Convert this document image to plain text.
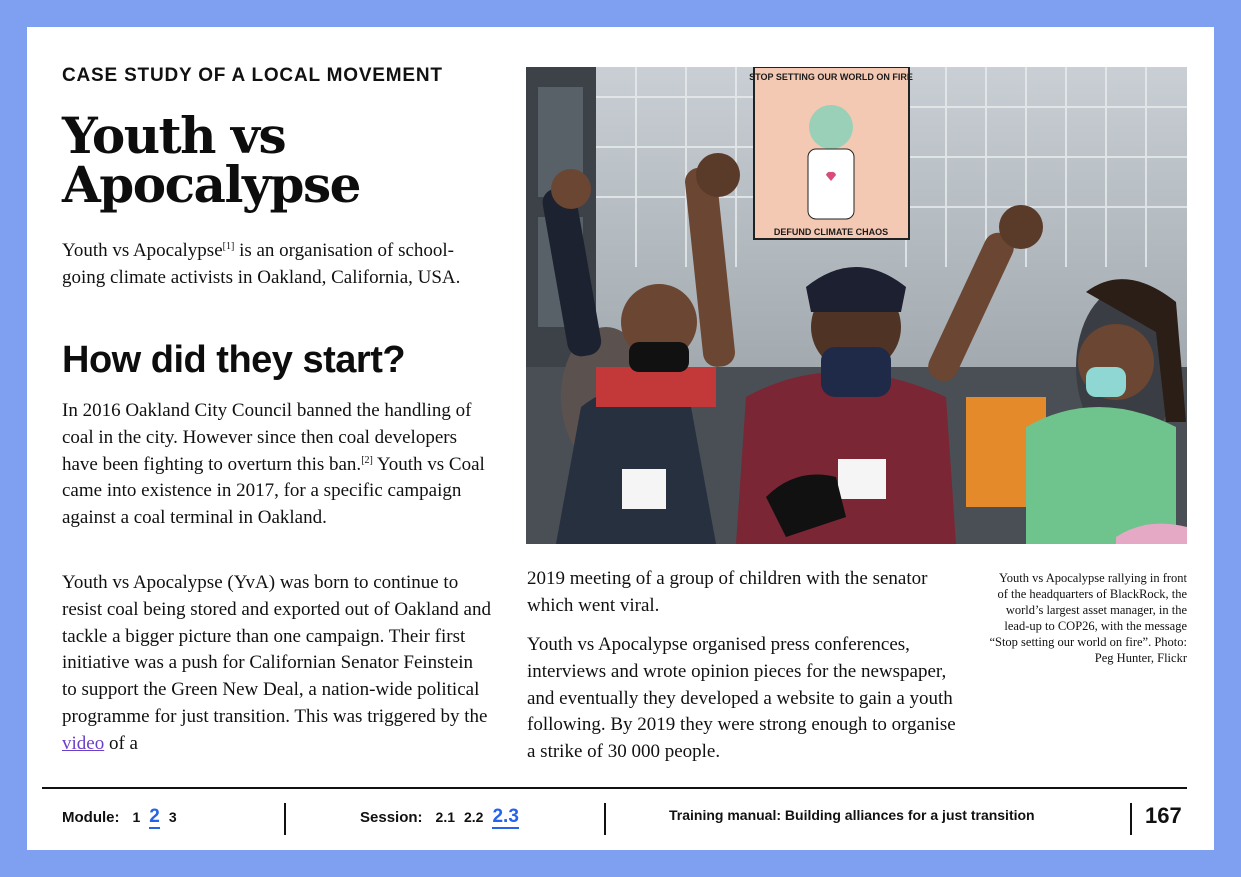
CASE STUDY OF A LOCAL MOVEMENT

Youth vs Apocalypse

Youth vs Apocalypse[1] is an organisation of school-going climate activists in Oakland, California, USA.

How did they start?

In 2016 Oakland City Council banned the handling of coal in the city. However since then coal developers have been fighting to overturn this ban.[2] Youth vs Coal came into existence in 2017, for a specific campaign against a coal terminal in Oakland.

Youth vs Apocalypse (YvA) was born to continue to resist coal being stored and exported out of Oakland and tackle a bigger picture than one campaign. Their first initiative was a push for Californian Senator Feinstein to support the Green New Deal, a nation-wide political programme for just transition. This was triggered by the video of a

STOP SETTING OUR WORLD ON FIRE
DEFUND CLIMATE CHAOS

2019 meeting of a group of children with the senator which went viral.

Youth vs Apocalypse organised press conferences, interviews and wrote opinion pieces for the newspaper, and eventually they developed a website to gain a youth following. By 2019 they were strong enough to organise a strike of 30 000 people.

Youth vs Apocalypse rallying in front of the headquarters of BlackRock, the world’s largest asset manager, in the lead-up to COP26, with the message “Stop setting our world on fire”. Photo: Peg Hunter, Flickr

Module: 1 2 3	Session: 2.1 2.2 2.3	Training manual: Building alliances for a just transition	167
